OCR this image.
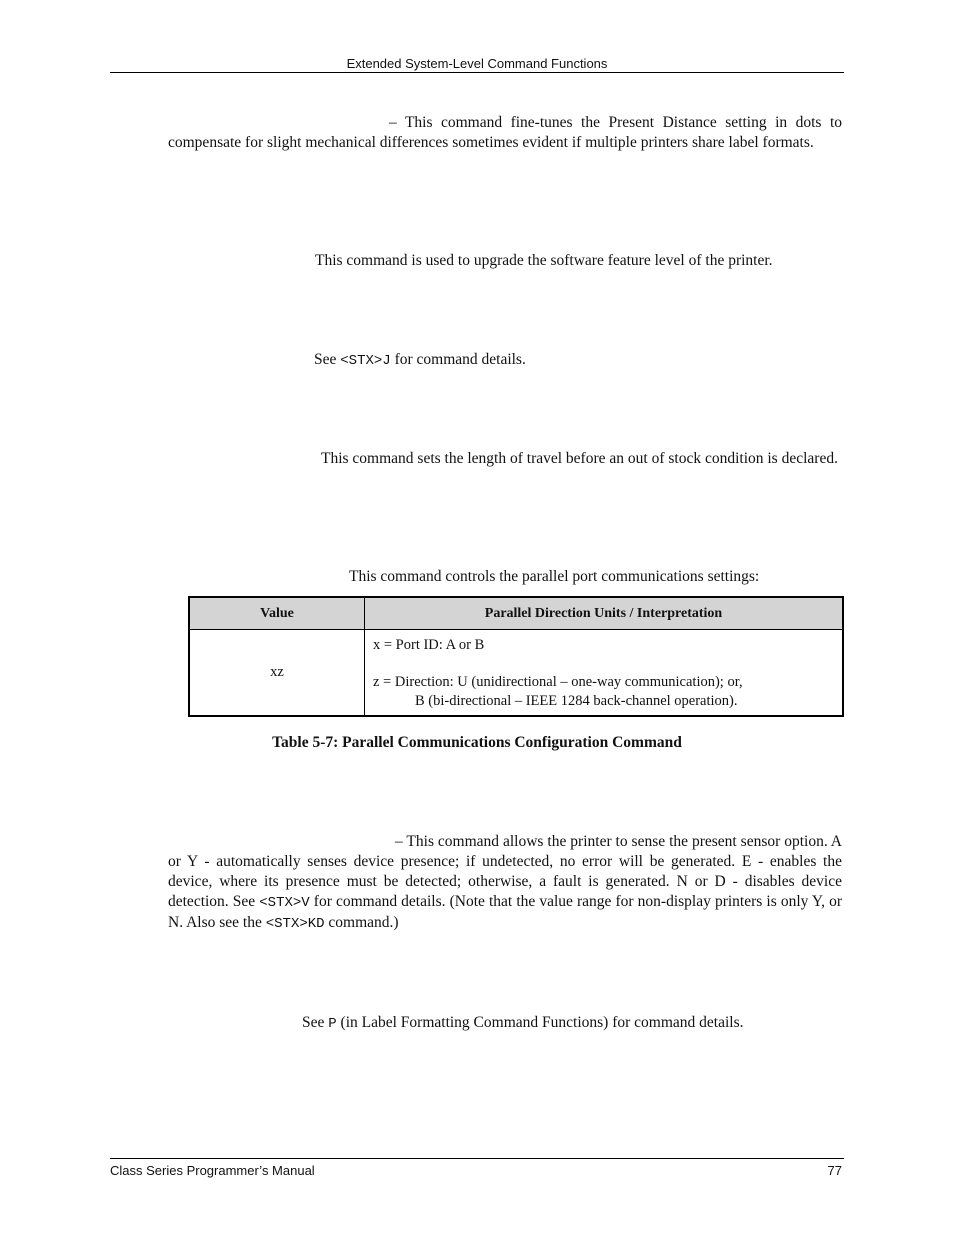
Extended System-Level Command Functions

– This command fine-tunes the Present Distance setting in dots to compensate for slight mechanical differences sometimes evident if multiple printers share label formats.

This command is used to upgrade the software feature level of the printer.

See <STX>J for command details.

This command sets the length of travel before an out of stock condition is declared.

This command controls the parallel port communications settings:

Value	Parallel Direction Units / Interpretation
xz	x = Port ID: A or B
z = Direction: U (unidirectional – one-way communication); or,
B (bi-directional – IEEE 1284 back-channel operation).
Table 5-7: Parallel Communications Configuration Command

– This command allows the printer to sense the present sensor option. A or Y - automatically senses device presence; if undetected, no error will be generated. E - enables the device, where its presence must be detected; otherwise, a fault is generated. N or D - disables device detection. See <STX>V for command details. (Note that the value range for non-display printers is only Y, or N. Also see the <STX>KD command.)

See P (in Label Formatting Command Functions) for command details.

Class Series Programmer’s Manual	77
